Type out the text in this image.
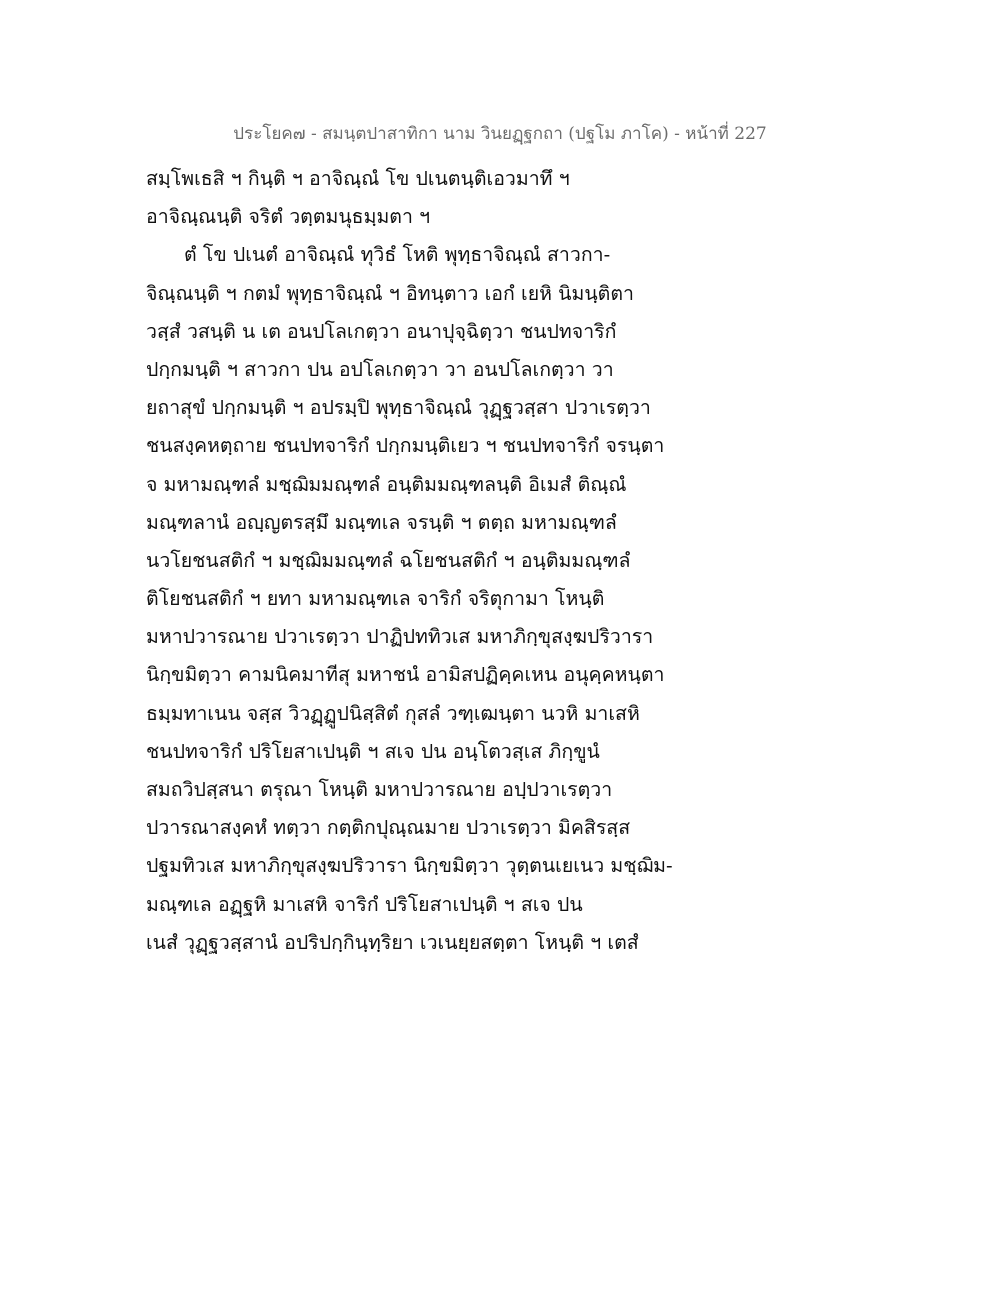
ประโยค๗ - สมนฺตปาสาทิกา นาม วินยฏฺฐกถา (ปฐโม ภาโค) - หน้าที่ 227
สมฺโพเธสิ ฯ กินฺติ ฯ อาจิณฺณํ โข ปเนตนฺติเอวมาทึ ฯ
อาจิณฺณนฺติ จริตํ วตฺตมนุธมฺมตา ฯ
ตํ โข ปเนตํ อาจิณฺณํ ทุวิธํ โหติ พุทฺธาจิณฺณํ สาวกา-
จิณฺณนฺติ ฯ กตมํ พุทฺธาจิณฺณํ ฯ อิทนฺตาว เอกํ เยหิ นิมนฺติตา
วสฺสํ วสนฺติ น เต อนปโลเกตฺวา อนาปุจฺฉิตฺวา ชนปทจาริกํ
ปกฺกมนฺติ ฯ สาวกา ปน อปโลเกตฺวา วา อนปโลเกตฺวา วา
ยถาสุขํ ปกฺกมนฺติ ฯ อปรมฺปิ พุทฺธาจิณฺณํ วุฏฺฐวสฺสา ปวาเรตฺวา
ชนสงฺคหตฺถาย ชนปทจาริกํ ปกฺกมนฺติเยว ฯ ชนปทจาริกํ จรนฺตา
จ มหามณฺฑลํ มชฺฌิมมณฺฑลํ อนฺติมมณฺฑลนฺติ อิเมสํ ติณฺณํ
มณฺฑลานํ อญฺญตรสฺมึ มณฺฑเล จรนฺติ ฯ ตตฺถ มหามณฺฑลํ
นวโยชนสติกํ ฯ มชฺฌิมมณฺฑลํ ฉโยชนสติกํ ฯ อนฺติมมณฺฑลํ
ติโยชนสติกํ ฯ ยทา มหามณฺฑเล จาริกํ จริตุกามา โหนฺติ
มหาปวารณาย ปวาเรตฺวา ปาฏิปททิวเส มหาภิกฺขุสงฺฆปริวารา
นิกฺขมิตฺวา คามนิคมาทีสุ มหาชนํ อามิสปฏิคฺคเหน อนุคฺคหนฺตา
ธมฺมทาเนน จสฺส วิวฏฺฏูปนิสฺสิตํ กุสลํ วฑฺเฒนฺตา นวหิ มาเสหิ
ชนปทจาริกํ ปริโยสาเปนฺติ ฯ สเจ ปน อนฺโตวสฺเส ภิกฺขูนํ
สมถวิปสฺสนา ตรุณา โหนฺติ มหาปวารณาย อปฺปวาเรตฺวา
ปวารณาสงฺคหํ ทตฺวา กตฺติกปุณฺณมาย ปวาเรตฺวา มิคสิรสฺส
ปฐมทิวเส มหาภิกฺขุสงฺฆปริวารา นิกฺขมิตฺวา วุตฺตนเยเนว มชฺฌิม-
มณฺฑเล อฏฺฐหิ มาเสหิ จาริกํ ปริโยสาเปนฺติ ฯ สเจ ปน
เนสํ วุฏฺฐวสฺสานํ อปริปกฺกินฺทฺริยา เวเนยฺยสตฺตา โหนฺติ ฯ เตสํ
